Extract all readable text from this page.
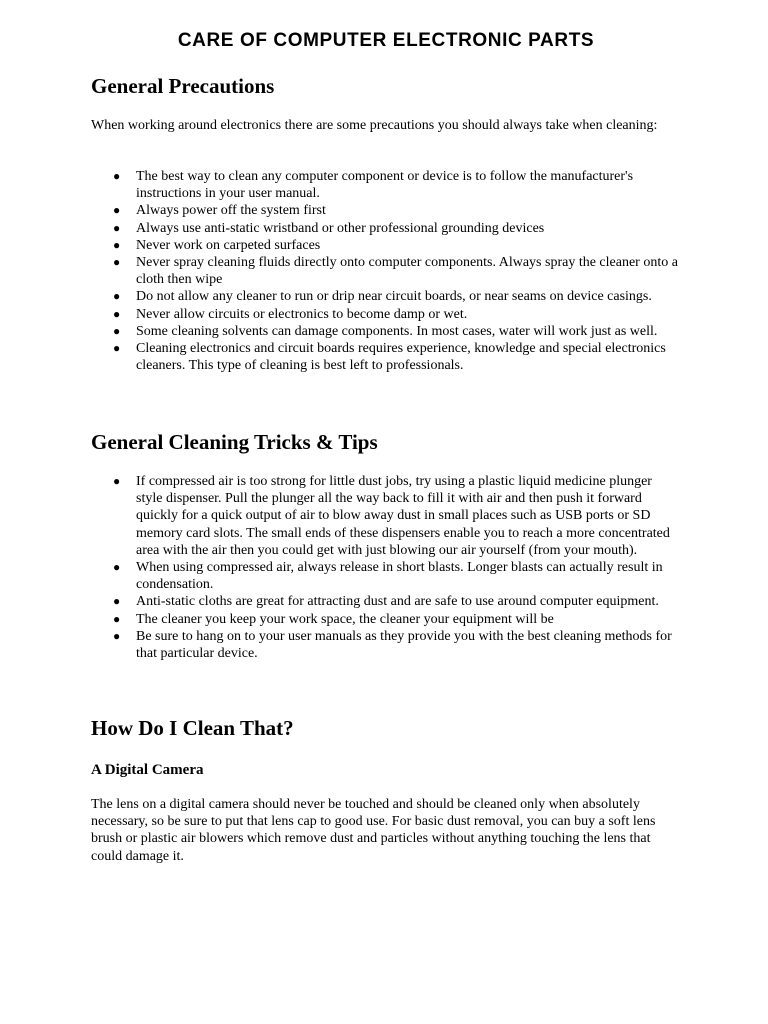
CARE OF COMPUTER ELECTRONIC PARTS
General Precautions

When working around electronics there are some precautions you should always take when cleaning:

● The best way to clean any computer component or device is to follow the manufacturer's instructions in your user manual.
● Always power off the system first
● Always use anti-static wristband or other professional grounding devices
● Never work on carpeted surfaces
● Never spray cleaning fluids directly onto computer components. Always spray the cleaner onto a cloth then wipe
● Do not allow any cleaner to run or drip near circuit boards, or near seams on device casings.
● Never allow circuits or electronics to become damp or wet.
● Some cleaning solvents can damage components. In most cases, water will work just as well.
● Cleaning electronics and circuit boards requires experience, knowledge and special electronics cleaners. This type of cleaning is best left to professionals.
General Cleaning Tricks & Tips
● If compressed air is too strong for little dust jobs, try using a plastic liquid medicine plunger style dispenser. Pull the plunger all the way back to fill it with air and then push it forward quickly for a quick output of air to blow away dust in small places such as USB ports or SD memory card slots. The small ends of these dispensers enable you to reach a more concentrated area with the air then you could get with just blowing our air yourself (from your mouth).
● When using compressed air, always release in short blasts. Longer blasts can actually result in condensation.
● Anti-static cloths are great for attracting dust and are safe to use around computer equipment.
● The cleaner you keep your work space, the cleaner your equipment will be
● Be sure to hang on to your user manuals as they provide you with the best cleaning methods for that particular device.
How Do I Clean That?
A Digital Camera

The lens on a digital camera should never be touched and should be cleaned only when absolutely necessary, so be sure to put that lens cap to good use. For basic dust removal, you can buy a soft lens brush or plastic air blowers which remove dust and particles without anything touching the lens that could damage it.
